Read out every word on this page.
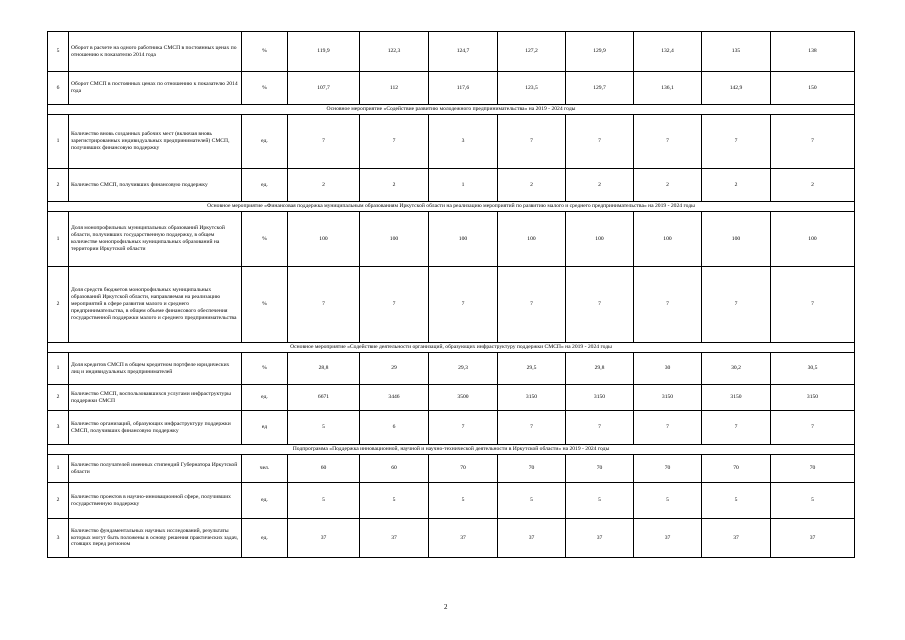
5	Оборот в расчете на одного работника СМСП в постоянных ценах по отношению к показателю 2014 года	%	119,9	122,3	124,7	127,2	129,9	132,4	135	138
6	Оборот СМСП в постоянных ценах по отношению к показателю 2014 года	%	107,7	112	117,6	123,5	129,7	136,1	142,9	150
Основное мероприятие «Содействие развитию молодежного предпринимательства» на 2019 - 2024 годы										
1	Количество вновь созданных рабочих мест (включая вновь зарегистрированных индивидуальных предпринимателей) СМСП, получивших финансовую поддержку	ед.	7	7	3	7	7	7	7	7
2	Количество СМСП, получивших финансовую поддержку	ед.	2	2	1	2	2	2	2	2
Основное мероприятие «Финансовая поддержка муниципальным образованиям Иркутской области на реализацию мероприятий по развитию малого и среднего предпринимательства» на 2019 - 2024 годы										
1	Доля монопрофильных муниципальных образований Иркутской области, получивших государственную поддержку, в общем количестве монопрофильных муниципальных образований на территории Иркутской области	%	100	100	100	100	100	100	100	100
2	Доля средств бюджетов монопрофильных муниципальных образований Иркутской области, направляемая на реализацию мероприятий в сфере развития малого и среднего предпринимательства, в общем объеме финансового обеспечения государственной поддержки малого и среднего предпринимательства	%	7	7	7	7	7	7	7	7
Основное мероприятие «Содействие деятельности организаций, образующих инфраструктуру поддержки СМСП» на 2019 - 2024 годы										
1	Доля кредитов СМСП в общем кредитном портфеле юридических лиц и индивидуальных предпринимателей	%	28,8	29	29,3	29,5	29,8	30	30,2	30,5
2	Количество СМСП, воспользовавшихся услугами инфраструктуры поддержки СМСП	ед.	6671	3446	3500	3150	3150	3150	3150	3150
3	Количество организаций, образующих инфраструктуру поддержки СМСП, получивших финансовую поддержку	ед	5	6	7	7	7	7	7	7
Подпрограмма «Поддержка инновационной, научной и научно-технической деятельности в Иркутской области» на 2019 - 2024 годы										
1	Количество получателей именных стипендий Губернатора Иркутской области	чел.	60	60	70	70	70	70	70	70
2	Количество проектов в научно-инновационной сфере, получивших государственную поддержку	ед.	5	5	5	5	5	5	5	5
3	Количество фундаментальных научных исследований, результаты которых могут быть положены в основу решения практических задач, стоящих перед регионом	ед.	37	37	37	37	37	37	37	37
2
